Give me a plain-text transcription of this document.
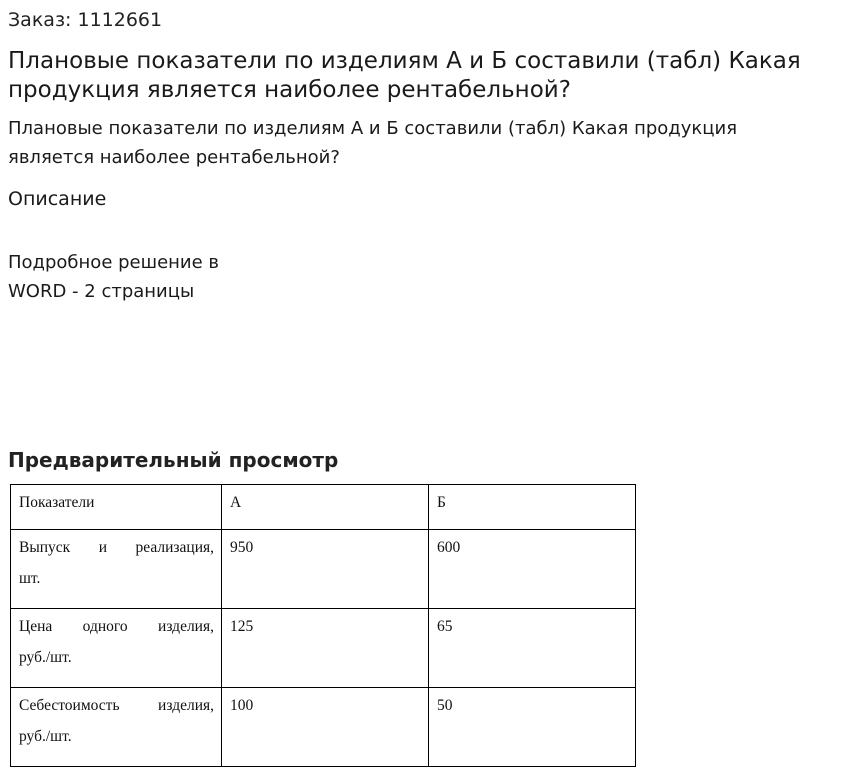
Заказ: 1112661
Плановые показатели по изделиям А и Б составили (табл) Какая продукция является наиболее рентабельной?
Плановые показатели по изделиям А и Б составили (табл) Какая продукция является наиболее рентабельной?
Описание
Подробное решение в
WORD - 2 страницы
Предварительный просмотр
Показатели	А	Б

Выпуск и реализация,
шт.	950	600

Цена одного изделия,
руб./шт.	125	65

Себестоимость изделия,
руб./шт.	100	50
